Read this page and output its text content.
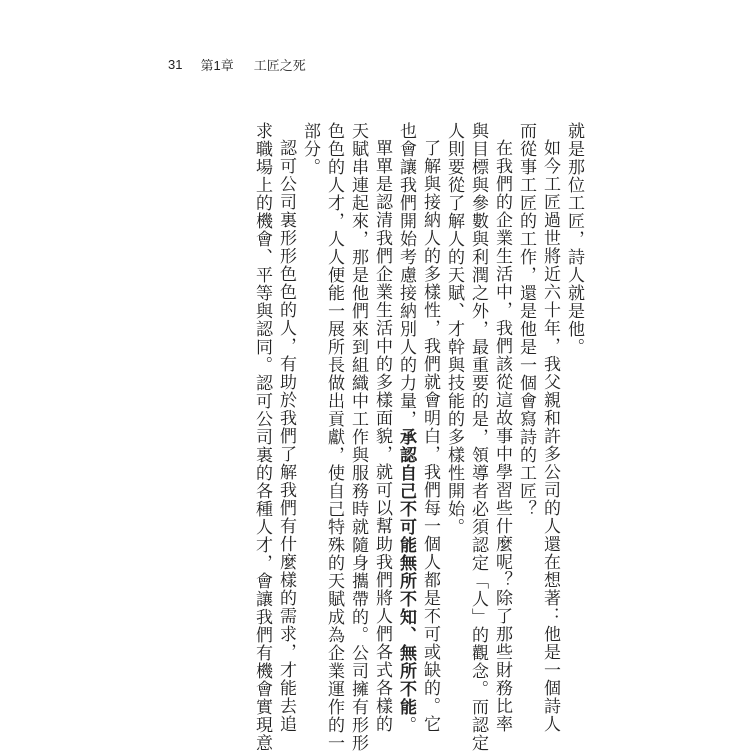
31 第1章 工匠之死

就是那位工匠，詩人就是他。

如今工匠過世將近六十年，我父親和許多公司的人還在想著：他是一個詩人

而從事工匠的工作，還是他是一個會寫詩的工匠？

在我們的企業生活中，我們該從這故事中學習些什麼呢？除了那些財務比率

與目標與參數與利潤之外，最重要的是，領導者必須認定「人」的觀念。而認定

人則要從了解人的天賦、才幹與技能的多樣性開始。

了解與接納人的多樣性，我們就會明白，我們每一個人都是不可或缺的。它

也會讓我們開始考慮接納別人的力量，承認自己不可能無所不知、無所不能。

單單是認清我們企業生活中的多樣面貌，就可以幫助我們將人們各式各樣的

天賦串連起來，那是他們來到組織中工作與服務時就隨身攜帶的。公司擁有形形

色色的人才，人人便能一展所長做出貢獻，使自己特殊的天賦成為企業運作的一

部分。

認可公司裏形形色色的人，有助於我們了解我們有什麼樣的需求，才能去追

求職場上的機會、平等與認同。認可公司裏的各種人才，會讓我們有機會實現意
